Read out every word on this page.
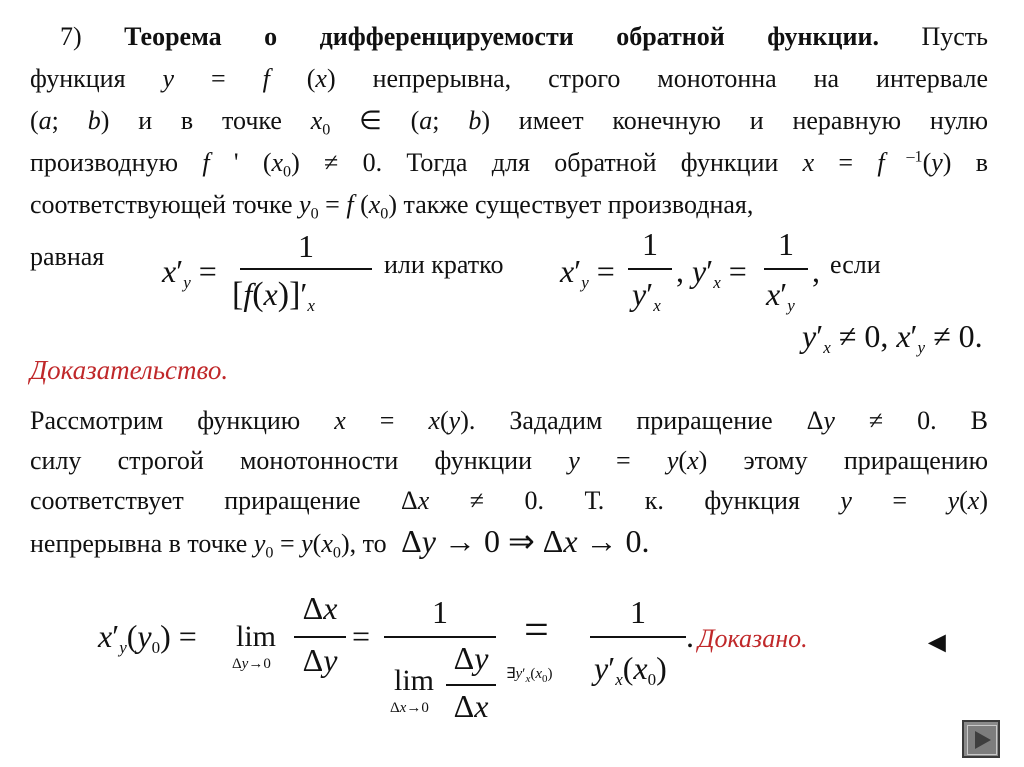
7) Теорема о дифференцируемости обратной функции. Пусть
функция y = f (x) непрерывна, строго монотонна на интервале
(a; b) и в точке $x_0$ ∈ (a; b) имеет конечную и неравную нулю
производную f ' $(x_0) \ne 0$. Тогда для обратной функции x = f $^{-1}$(y) в
соответствующей точке $y_0 = f$ $(x_0)$ также существует производная,
равная $x'_y$ =
1
$[f(x)]'_x$
или кратко $x'_y$ =
1
$y'_x$
, $y'_x$ =
1
$x'_y$
, если
$y'_x \ne 0$, $x'_y \ne 0$.
Доказательство.
Рассмотрим функцию x = x(y). Зададим приращение Δy ≠ 0. В
силу строгой монотонности функции y = y(x) этому приращению
соответствует приращение Δx ≠ 0. Т. к. функция y = y(x)
непрерывна в точке $y_0 = y(x_0)$, то Δy → 0 ⇒ Δx → 0.
$x'_y(y_0) = \lim$
Δy→0
Δx
Δy
=
1
lim
Δx→0
Δy
Δx
=
$\exists y'_x(x_0)$
1
$y'_x(x_0)$
. Доказано.	◄
